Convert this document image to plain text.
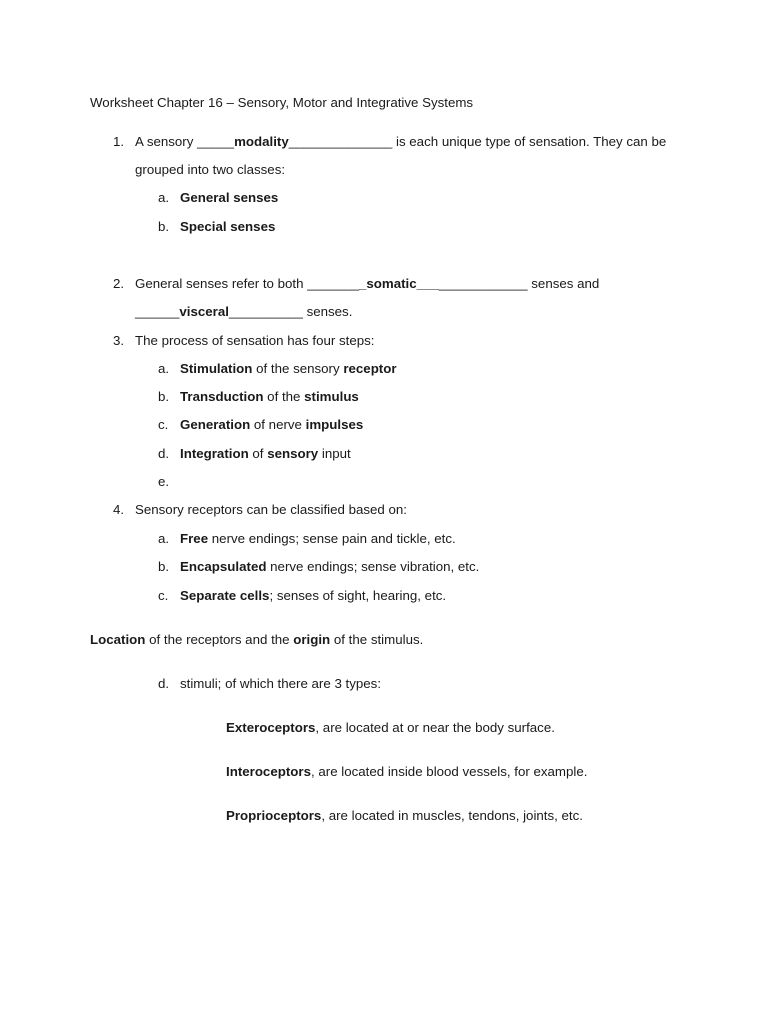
Worksheet Chapter 16 – Sensory, Motor and Integrative Systems
1. A sensory _____modality______________ is each unique type of sensation. They can be
grouped into two classes:
a. General senses
b. Special senses
2. General senses refer to both ________somatic_______________ senses and
______visceral__________ senses.
3. The process of sensation has four steps:
a. Stimulation of the sensory receptor
b. Transduction of the stimulus
c. Generation of nerve impulses
d. Integration of sensory input
e.
4. Sensory receptors can be classified based on:
a. Free nerve endings; sense pain and tickle, etc.
b. Encapsulated nerve endings; sense vibration, etc.
c. Separate cells; senses of sight, hearing, etc.
Location of the receptors and the origin of the stimulus.
d. stimuli; of which there are 3 types:
Exteroceptors, are located at or near the body surface.
Interoceptors, are located inside blood vessels, for example.
Proprioceptors, are located in muscles, tendons, joints, etc.
